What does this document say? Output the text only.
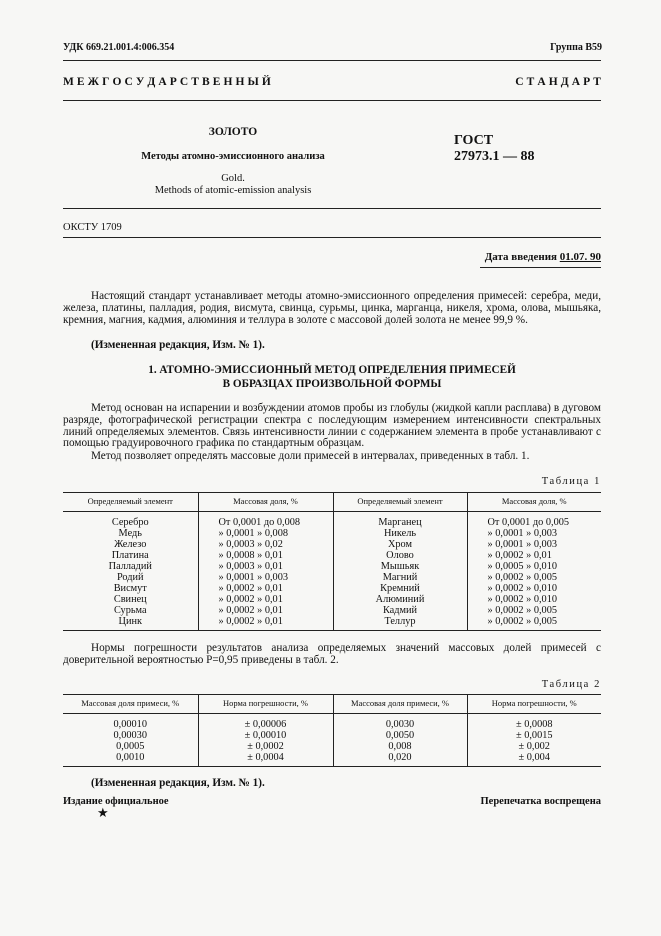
УДК 669.21.001.4:006.354	Группа В59
М Е Ж Г О С У Д А Р С Т В Е Н Н Ы Й	С Т А Н Д А Р Т
ЗОЛОТО
Методы атомно-эмиссионного анализа
Gold.
Methods of atomic-emission analysis
ГОСТ
27973.1 — 88
ОКСТУ 1709
Дата введения 01.07. 90
Настоящий стандарт устанавливает методы атомно-эмиссионного определения примесей: серебра, меди, железа, платины, палладия, родия, висмута, свинца, сурьмы, цинка, марганца, никеля, хрома, олова, мышьяка, кремния, магния, кадмия, алюминия и теллура в золоте с массовой долей золота не менее 99,9 %.
(Измененная редакция, Изм. № 1).
1. АТОМНО-ЭМИССИОННЫЙ МЕТОД ОПРЕДЕЛЕНИЯ ПРИМЕСЕЙ
В ОБРАЗЦАХ ПРОИЗВОЛЬНОЙ ФОРМЫ
Метод основан на испарении и возбуждении атомов пробы из глобулы (жидкой капли расплава) в дуговом разряде, фотографической регистрации спектра с последующим измерением интенсивности спектральных линий определяемых элементов. Связь интенсивности линии с содержанием элемента в пробе устанавливают с помощью градуировочного графика по стандартным образцам.
Метод позволяет определять массовые доли примесей в интервалах, приведенных в табл. 1.
Таблица 1
Определяемый элемент	Массовая доля, %	Определяемый элемент	Массовая доля, %
Серебро	От 0,0001 до 0,008	Марганец	От 0,0001 до 0,005
Медь	» 0,0001 » 0,008	Никель	» 0,0001 » 0,003
Железо	» 0,0003 » 0,02	Хром	» 0,0001 » 0,003
Платина	» 0,0008 » 0,01	Олово	» 0,0002 » 0,01
Палладий	» 0,0003 » 0,01	Мышьяк	» 0,0005 » 0,010
Родий	» 0,0001 » 0,003	Магний	» 0,0002 » 0,005
Висмут	» 0,0002 » 0,01	Кремний	» 0,0002 » 0,010
Свинец	» 0,0002 » 0,01	Алюминий	» 0,0002 » 0,010
Сурьма	» 0,0002 » 0,01	Кадмий	» 0,0002 » 0,005
Цинк	» 0,0002 » 0,01	Теллур	» 0,0002 » 0,005
Нормы погрешности результатов анализа определяемых значений массовых долей примесей с доверительной вероятностью Р=0,95 приведены в табл. 2.
Таблица 2
Массовая доля примеси, %	Норма погрешности, %	Массовая доля примеси, %	Норма погрешности, %
0,00010	± 0,00006	0,0030	± 0,0008
0,00030	± 0,00010	0,0050	± 0,0015
0,0005	± 0,0002	0,008	± 0,002
0,0010	± 0,0004	0,020	± 0,004
(Измененная редакция, Изм. № 1).
Издание официальное	Перепечатка воспрещена
★
